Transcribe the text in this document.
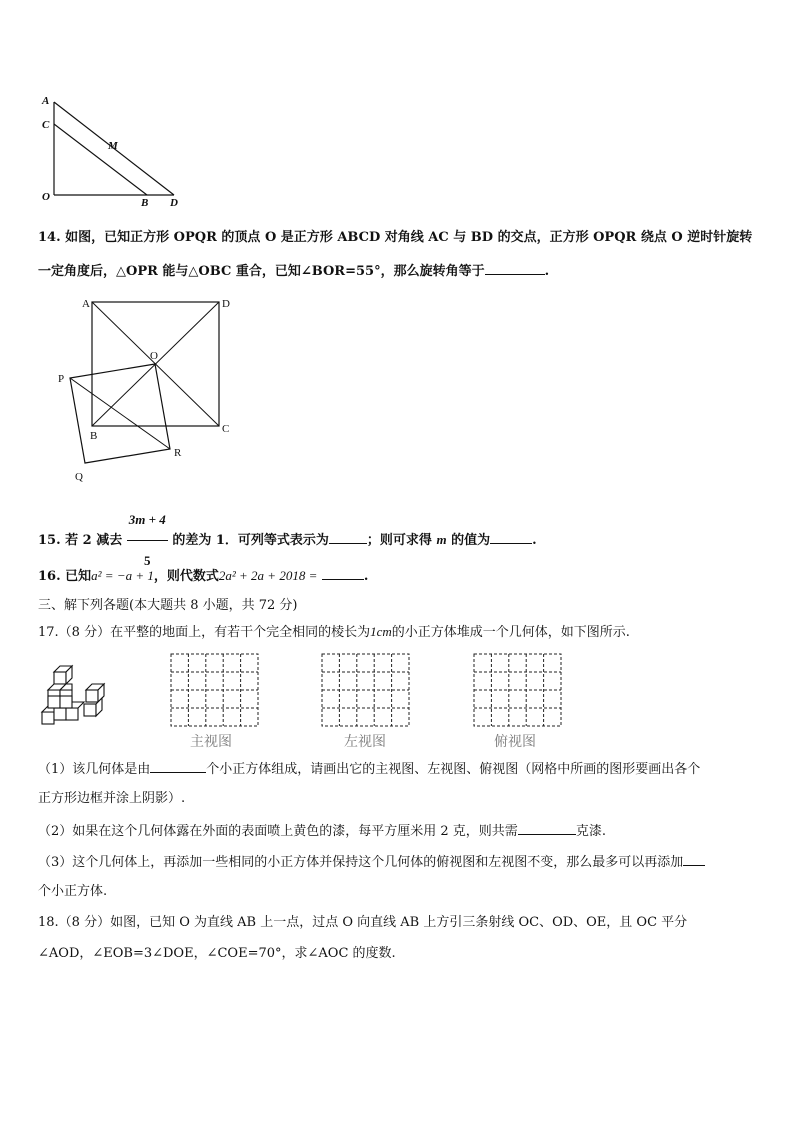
A
C
M
O	B D
14. 如图，已知正方形 OPQR 的顶点 O 是正方形 ABCD 对角线 AC 与 BD 的交点，正方形 OPQR 绕点 O 逆时针旋转
一定角度后，△OPR 能与△OBC 重合，已知∠BOR=55°，那么旋转角等于	.
A	D
O
P
B
C
R
Q
15. 若 2 减去 $\frac{3m + 4}{5}$ 的差为 1．可列等式表示为	；则可求得 m 的值为	.
16. 已知a² = −a + 1，则代数式2a² + 2a + 2018 =	.
三、解下列各题(本大题共 8 小题，共 72 分)
17.（8 分）在平整的地面上，有若干个完全相同的棱长为1cm的小正方体堆成一个几何体，如下图所示.
主视图	左视图	俯视图
（1）该几何体是由	个小正方体组成，请画出它的主视图、左视图、俯视图（网格中所画的图形要画出各个
正方形边框并涂上阴影）.
（2）如果在这个几何体露在外面的表面喷上黄色的漆，每平方厘米用 2 克，则共需	克漆.
（3）这个几何体上，再添加一些相同的小正方体并保持这个几何体的俯视图和左视图不变，那么最多可以再添加
个小正方体.
18.（8 分）如图，已知 O 为直线 AB 上一点，过点 O 向直线 AB 上方引三条射线 OC、OD、OE，且 OC 平分
∠AOD，∠EOB=3∠DOE，∠COE=70°，求∠AOC 的度数.
